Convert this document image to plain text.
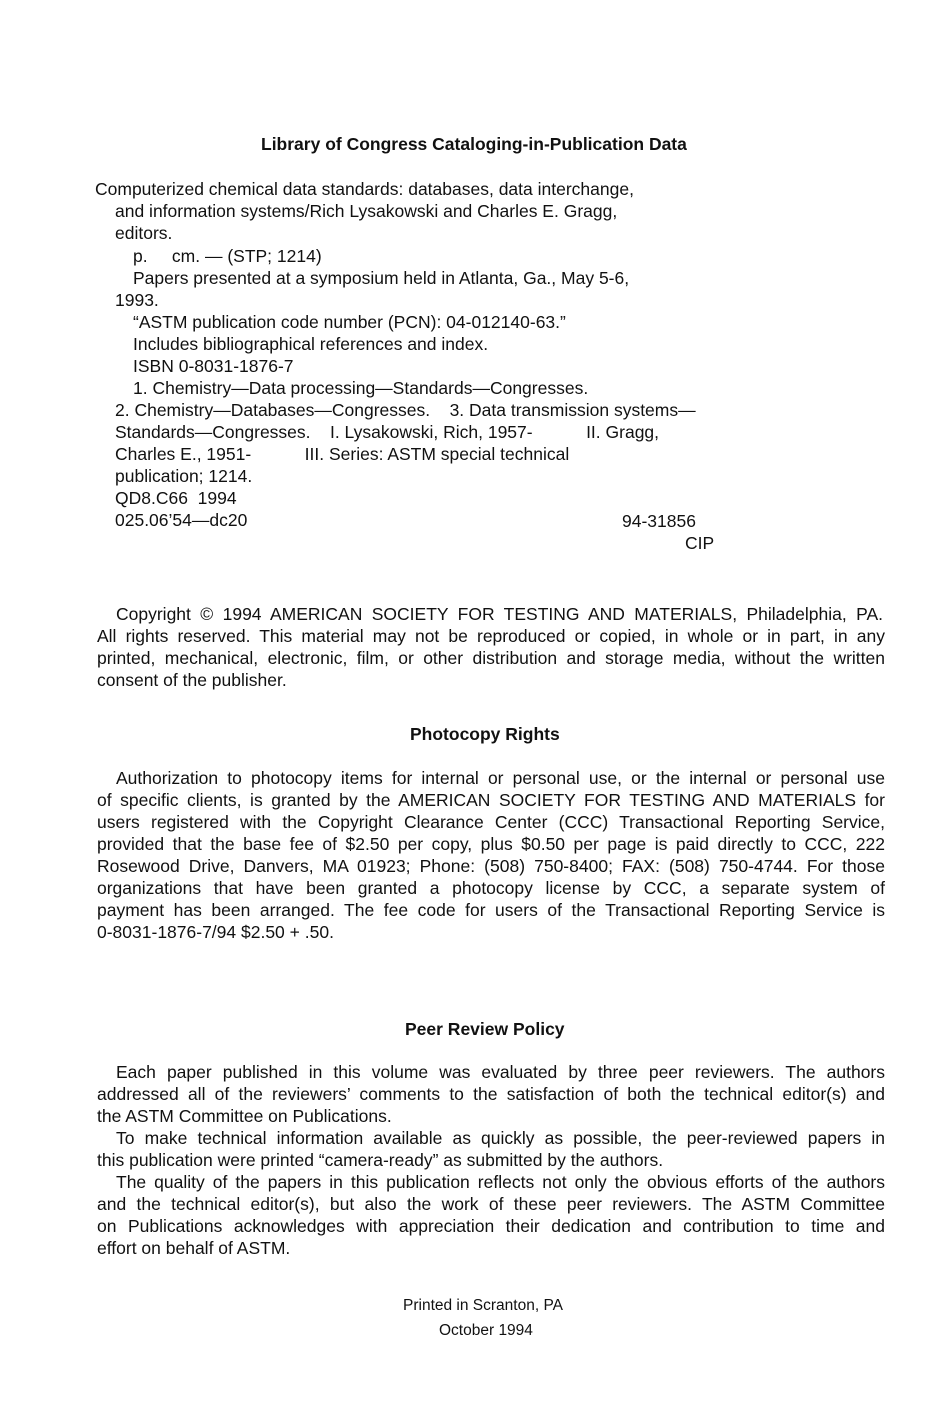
Library of Congress Cataloging-in-Publication Data
Computerized chemical data standards: databases, data interchange,
and information systems/Rich Lysakowski and Charles E. Gragg,
editors.
p.     cm. — (STP; 1214)
Papers presented at a symposium held in Atlanta, Ga., May 5-6,
1993.
“ASTM publication code number (PCN): 04-012140-63.”
Includes bibliographical references and index.
ISBN 0-8031-1876-7
1. Chemistry—Data processing—Standards—Congresses.
2. Chemistry—Databases—Congresses.    3. Data transmission systems—
Standards—Congresses.    I. Lysakowski, Rich, 1957-           II. Gragg,
Charles E., 1951-           III. Series: ASTM special technical
publication; 1214.
QD8.C66  1994
025.06’54—dc20	94-31856
CIP
Copyright © 1994 AMERICAN SOCIETY FOR TESTING AND MATERIALS, Philadelphia, PA.
All rights reserved. This material may not be reproduced or copied, in whole or in part, in any
printed, mechanical, electronic, film, or other distribution and storage media, without the written
consent of the publisher.
Photocopy Rights
Authorization to photocopy items for internal or personal use, or the internal or personal use
of specific clients, is granted by the AMERICAN SOCIETY FOR TESTING AND MATERIALS for
users registered with the Copyright Clearance Center (CCC) Transactional Reporting Service,
provided that the base fee of $2.50 per copy, plus $0.50 per page is paid directly to CCC, 222
Rosewood Drive, Danvers, MA 01923; Phone: (508) 750-8400; FAX: (508) 750-4744. For those
organizations that have been granted a photocopy license by CCC, a separate system of
payment has been arranged. The fee code for users of the Transactional Reporting Service is
0-8031-1876-7/94 $2.50 + .50.
Peer Review Policy
Each paper published in this volume was evaluated by three peer reviewers. The authors
addressed all of the reviewers’ comments to the satisfaction of both the technical editor(s) and
the ASTM Committee on Publications.
To make technical information available as quickly as possible, the peer-reviewed papers in
this publication were printed “camera-ready” as submitted by the authors.
The quality of the papers in this publication reflects not only the obvious efforts of the authors
and the technical editor(s), but also the work of these peer reviewers. The ASTM Committee
on Publications acknowledges with appreciation their dedication and contribution to time and
effort on behalf of ASTM.
Printed in Scranton, PA
October 1994
